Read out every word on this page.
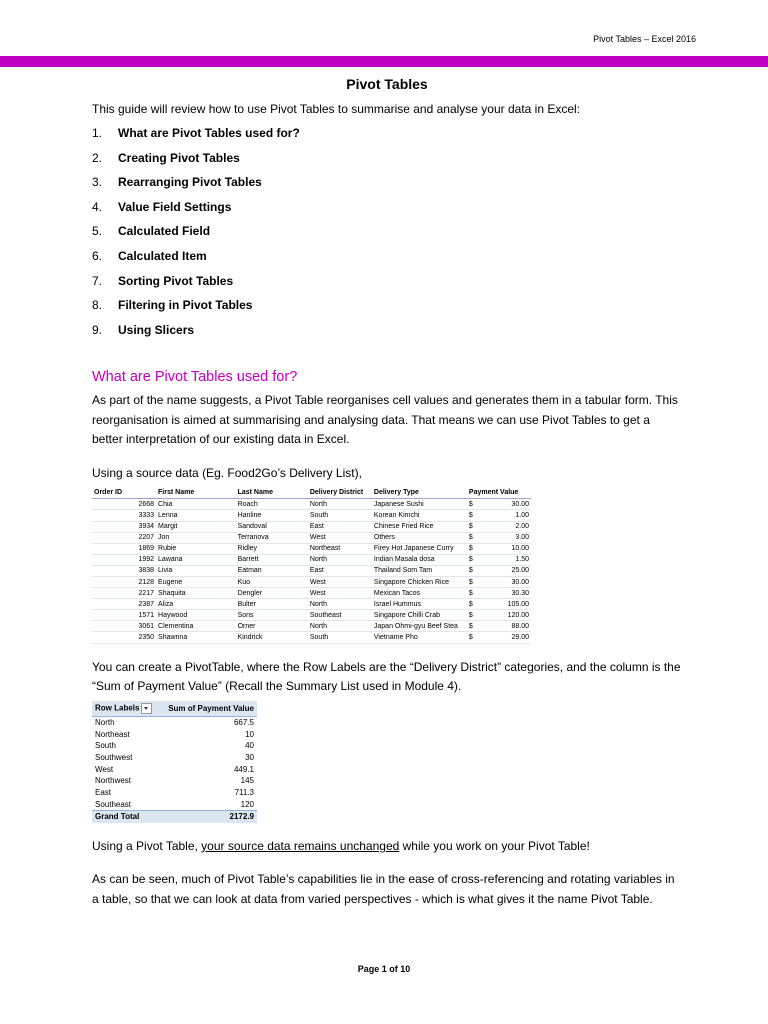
Pivot Tables – Excel 2016
Pivot Tables

This guide will review how to use Pivot Tables to summarise and analyse your data in Excel:

1.	What are Pivot Tables used for?
2.	Creating Pivot Tables
3.	Rearranging Pivot Tables
4.	Value Field Settings
5.	Calculated Field
6.	Calculated Item
7.	Sorting Pivot Tables
8.	Filtering in Pivot Tables
9.	Using Slicers
What are Pivot Tables used for?

As part of the name suggests, a Pivot Table reorganises cell values and generates them in a tabular form. This reorganisation is aimed at summarising and analysing data. That means we can use Pivot Tables to get a better interpretation of our existing data in Excel.

Using a source data (Eg. Food2Go’s Delivery List),

Order ID	First Name	Last Name	Delivery District	Delivery Type	Payment Value	
2668	Chia	Roach	North	Japanese Sushi	$	30.00
3333	Lenna	Hanline	South	Korean Kimchi	$	1.00
3934	Margit	Sandoval	East	Chinese Fried Rice	$	2.00
2207	Jon	Terranova	West	Others	$	3.00
1869	Rubie	Ridley	Northeast	Firey Hot Japanese Curry	$	10.00
1992	Lawana	Barrett	North	Indian Masala dosa	$	1.50
3838	Livia	Eatman	East	Thailand Som Tam	$	25.00
2128	Eugene	Kuo	West	Singapore Chicken Rice	$	30.00
2217	Shaquita	Dengler	West	Mexican Tacos	$	30.30
2387	Aliza	Bulter	North	Israel Hummus	$	105.00
1571	Haywood	Sons	Southeast	Singapore Chilli Crab	$	120.00
3061	Clementina	Orner	North	Japan Ohmi-gyu Beef Stea	$	88.00
2350	Shawnna	Kindrick	South	Vietname Pho	$	29.00

You can create a PivotTable, where the Row Labels are the “Delivery District” categories, and the column is the “Sum of Payment Value” (Recall the Summary List used in Module 4).

Row Labels	Sum of Payment Value
North	667.5
Northeast	10
South	40
Southwest	30
West	449.1
Northwest	145
East	711.3
Southeast	120
Grand Total	2172.9

Using a Pivot Table, your source data remains unchanged while you work on your Pivot Table!

As can be seen, much of Pivot Table’s capabilities lie in the ease of cross-referencing and rotating variables in a table, so that we can look at data from varied perspectives - which is what gives it the name Pivot Table.

Page 1 of 10
